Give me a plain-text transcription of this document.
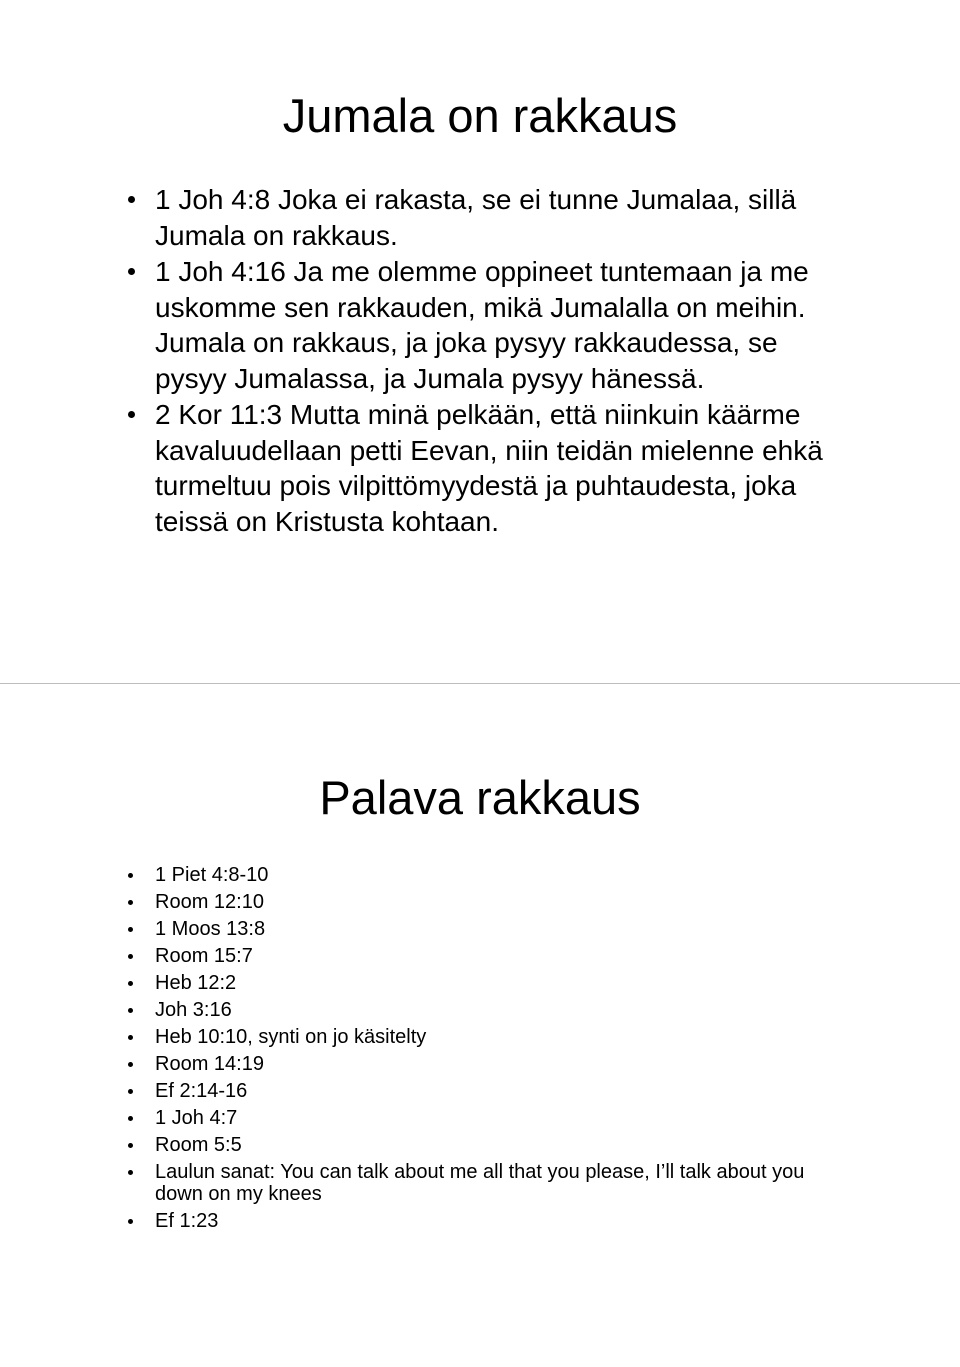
Jumala on rakkaus
1 Joh 4:8 Joka ei rakasta, se ei tunne Jumalaa, sillä Jumala on rakkaus.
1 Joh 4:16 Ja me olemme oppineet tuntemaan ja me uskomme sen rakkauden, mikä Jumalalla on meihin. Jumala on rakkaus, ja joka pysyy rakkaudessa, se pysyy Jumalassa, ja Jumala pysyy hänessä.
2 Kor 11:3 Mutta minä pelkään, että niinkuin käärme kavaluudellaan petti Eevan, niin teidän mielenne ehkä turmeltuu pois vilpittömyydestä ja puhtaudesta, joka teissä on Kristusta kohtaan.
Palava rakkaus
1 Piet 4:8-10
Room 12:10
1 Moos 13:8
Room 15:7
Heb 12:2
Joh 3:16
Heb 10:10, synti on jo käsitelty
Room 14:19
Ef 2:14-16
1 Joh 4:7
Room 5:5
Laulun sanat: You can talk about me all that you please, I’ll talk about you down on my knees
Ef 1:23
